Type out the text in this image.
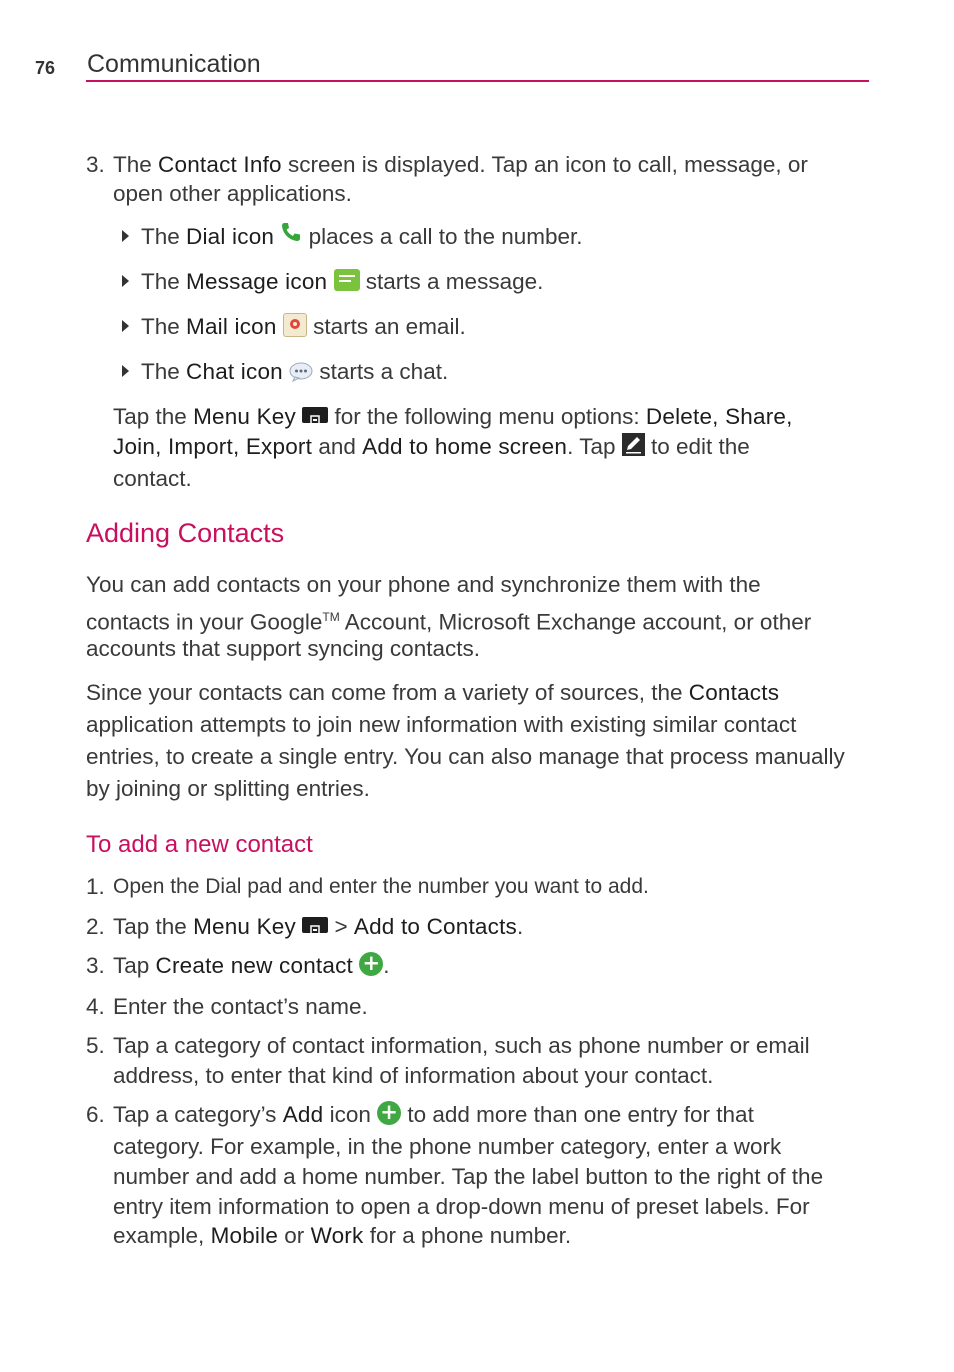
76 Communication
3. The Contact Info screen is displayed. Tap an icon to call, message, or
open other applications.
The Dial icon  places a call to the number.
The Message icon  starts a message.
The Mail icon  starts an email.
The Chat icon  starts a chat.
Tap the Menu Key  for the following menu options: Delete, Share,
Join, Import, Export and Add to home screen. Tap  to edit the
contact.
Adding Contacts
You can add contacts on your phone and synchronize them with the
contacts in your Google™ Account, Microsoft Exchange account, or other
accounts that support syncing contacts.
Since your contacts can come from a variety of sources, the Contacts
application attempts to join new information with existing similar contact
entries, to create a single entry. You can also manage that process manually
by joining or splitting entries.
To add a new contact
1. Open the Dial pad and enter the number you want to add.
2. Tap the Menu Key  > Add to Contacts.
3. Tap Create new contact + .
4. Enter the contact’s name.
5. Tap a category of contact information, such as phone number or email
address, to enter that kind of information about your contact.
6. Tap a category’s Add icon + to add more than one entry for that
category. For example, in the phone number category, enter a work
number and add a home number. Tap the label button to the right of the
entry item information to open a drop-down menu of preset labels. For
example, Mobile or Work for a phone number.
